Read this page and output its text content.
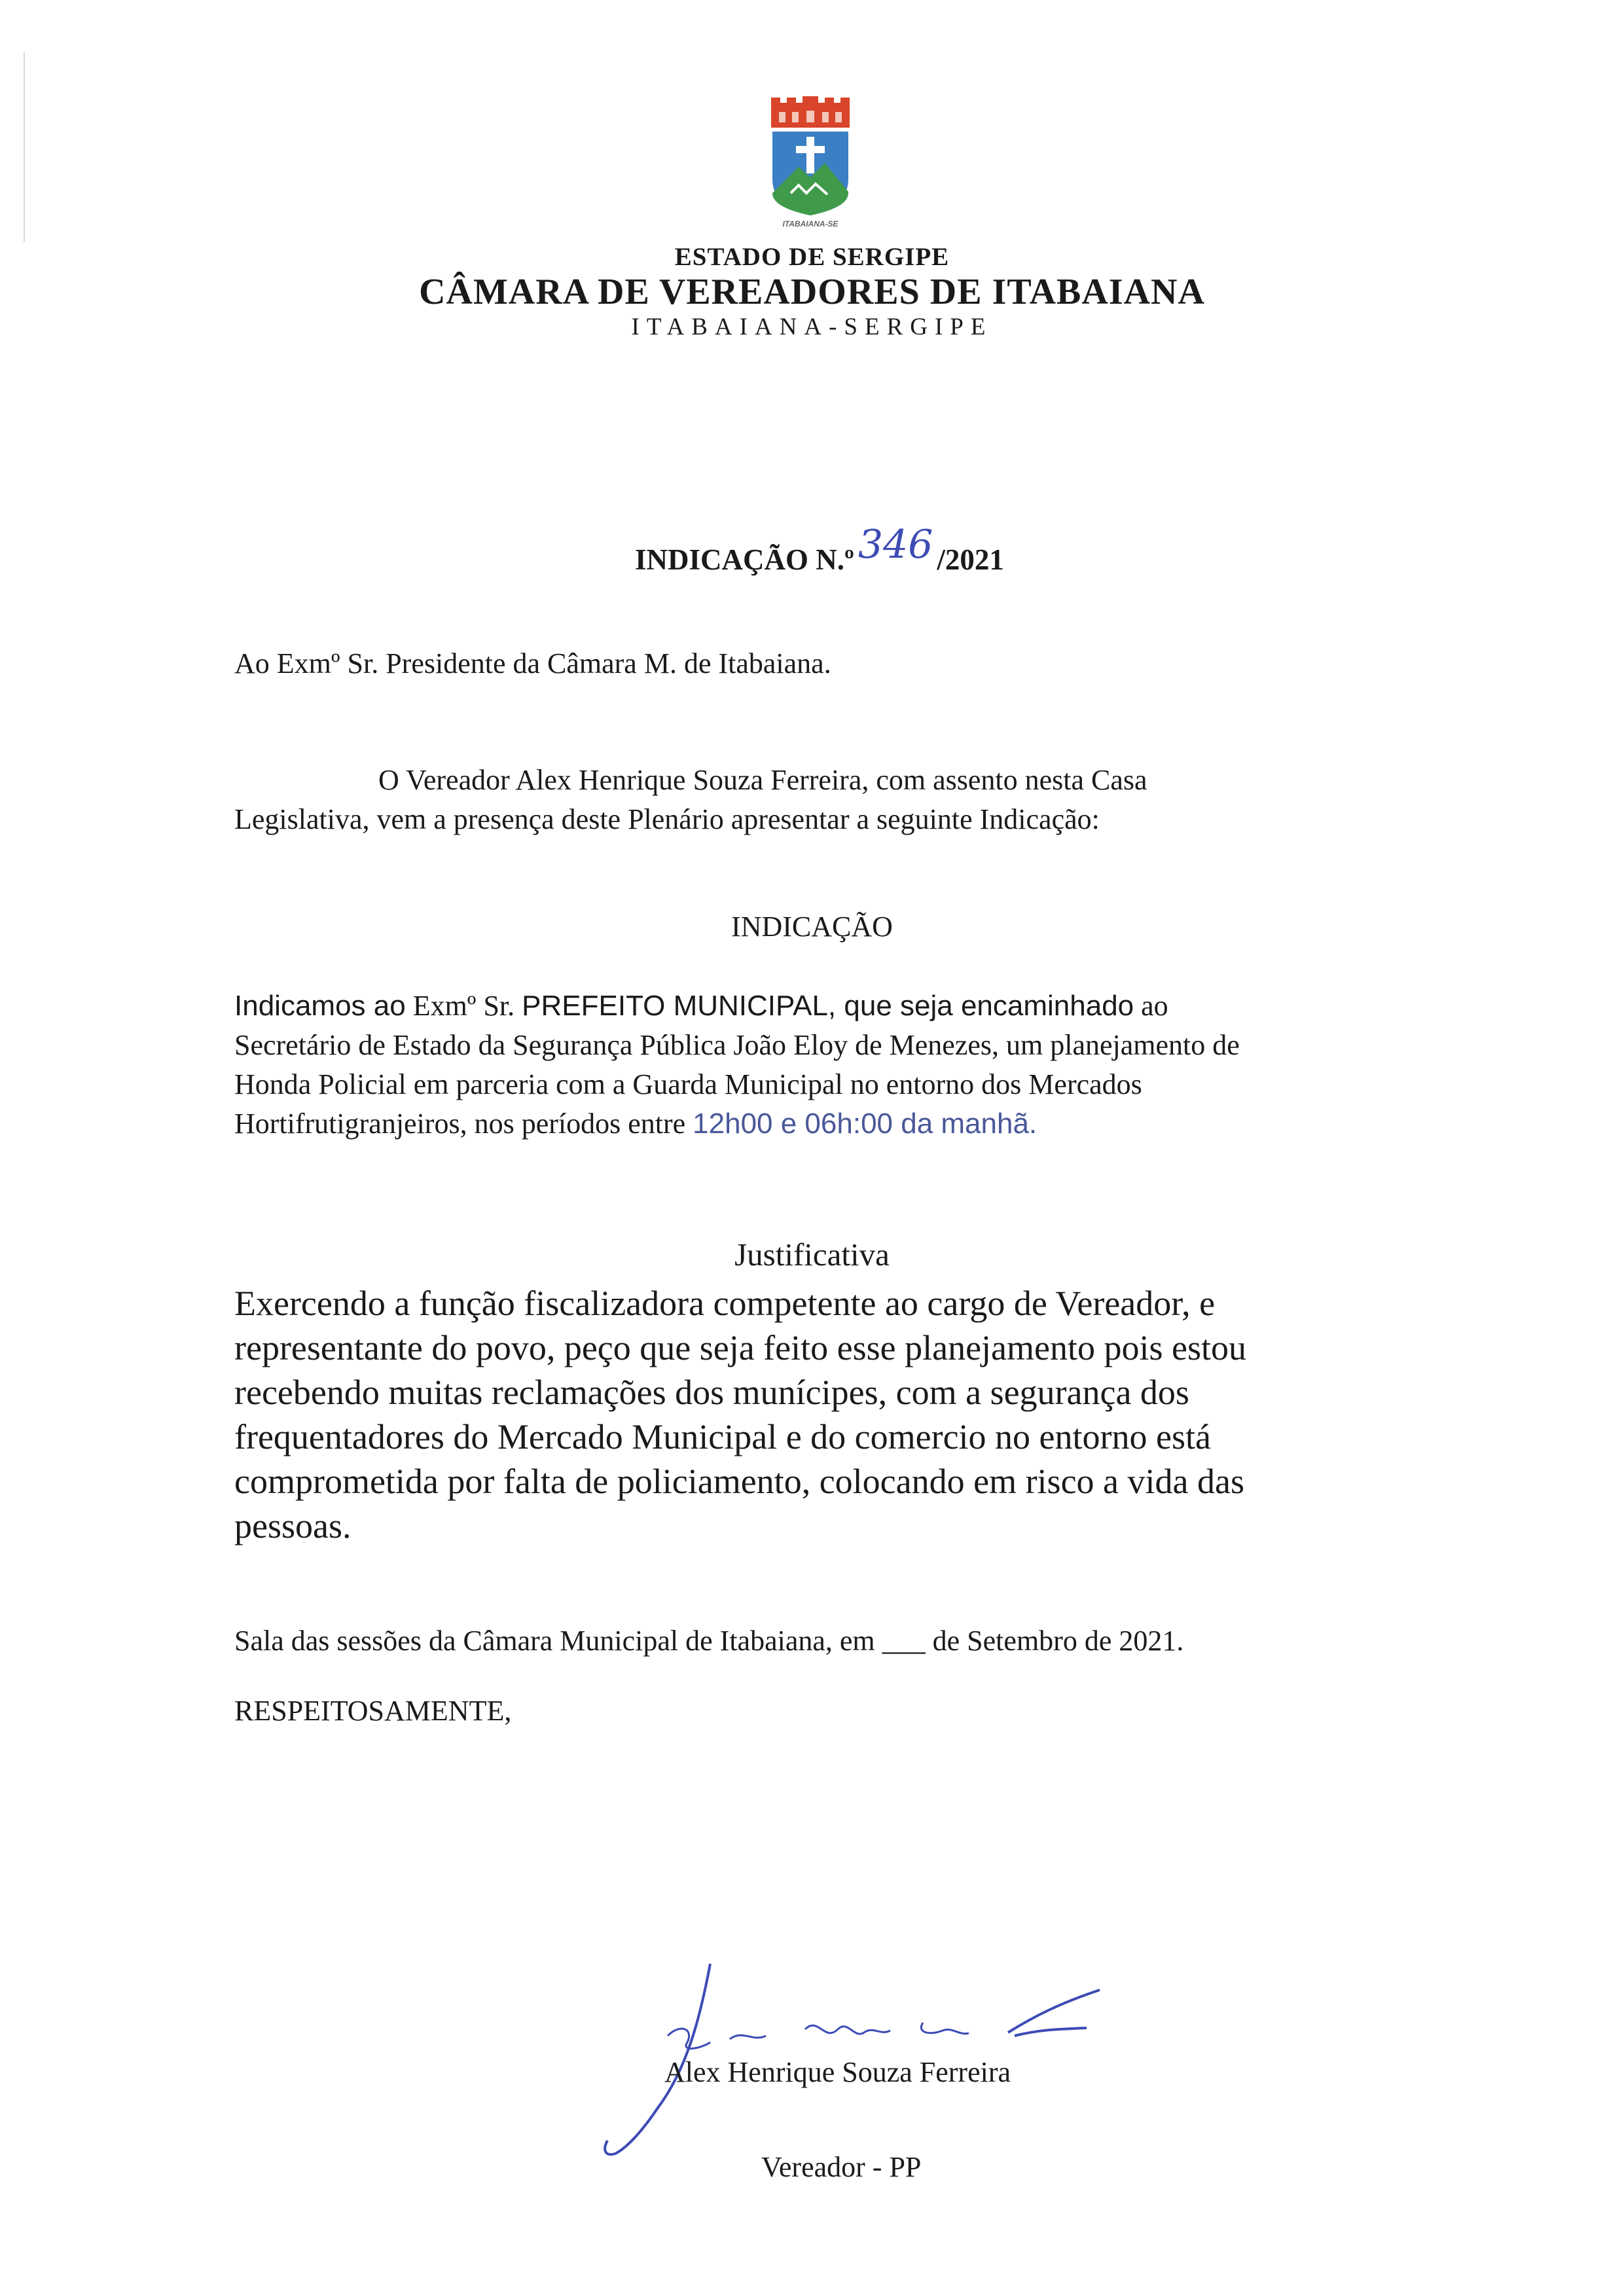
ITABAIANA-SE
ESTADO DE SERGIPE
CÂMARA DE VEREADORES DE ITABAIANA
ITABAIANA-SERGIPE
INDICAÇÃO N.º 346 /2021
Ao Exmº Sr. Presidente da Câmara M. de Itabaiana.
O Vereador Alex Henrique Souza Ferreira, com assento nesta Casa
Legislativa, vem a presença deste Plenário apresentar a seguinte Indicação:
INDICAÇÃO
Indicamos ao Exmº Sr. PREFEITO MUNICIPAL, que seja encaminhado ao
Secretário de Estado da Segurança Pública João Eloy de Menezes, um planejamento de
Honda Policial em parceria com a Guarda Municipal no entorno dos Mercados
Hortifrutigranjeiros, nos períodos entre 12h00 e 06h:00 da manhã.
Justificativa
Exercendo a função fiscalizadora competente ao cargo de Vereador, e
representante do povo, peço que seja feito esse planejamento pois estou
recebendo muitas reclamações dos munícipes, com a segurança dos
frequentadores do Mercado Municipal e do comercio no entorno está
comprometida por falta de policiamento, colocando em risco a vida das
pessoas.
Sala das sessões da Câmara Municipal de Itabaiana, em ___ de Setembro de 2021.
RESPEITOSAMENTE,
Alex Henrique Souza Ferreira
Vereador - PP
